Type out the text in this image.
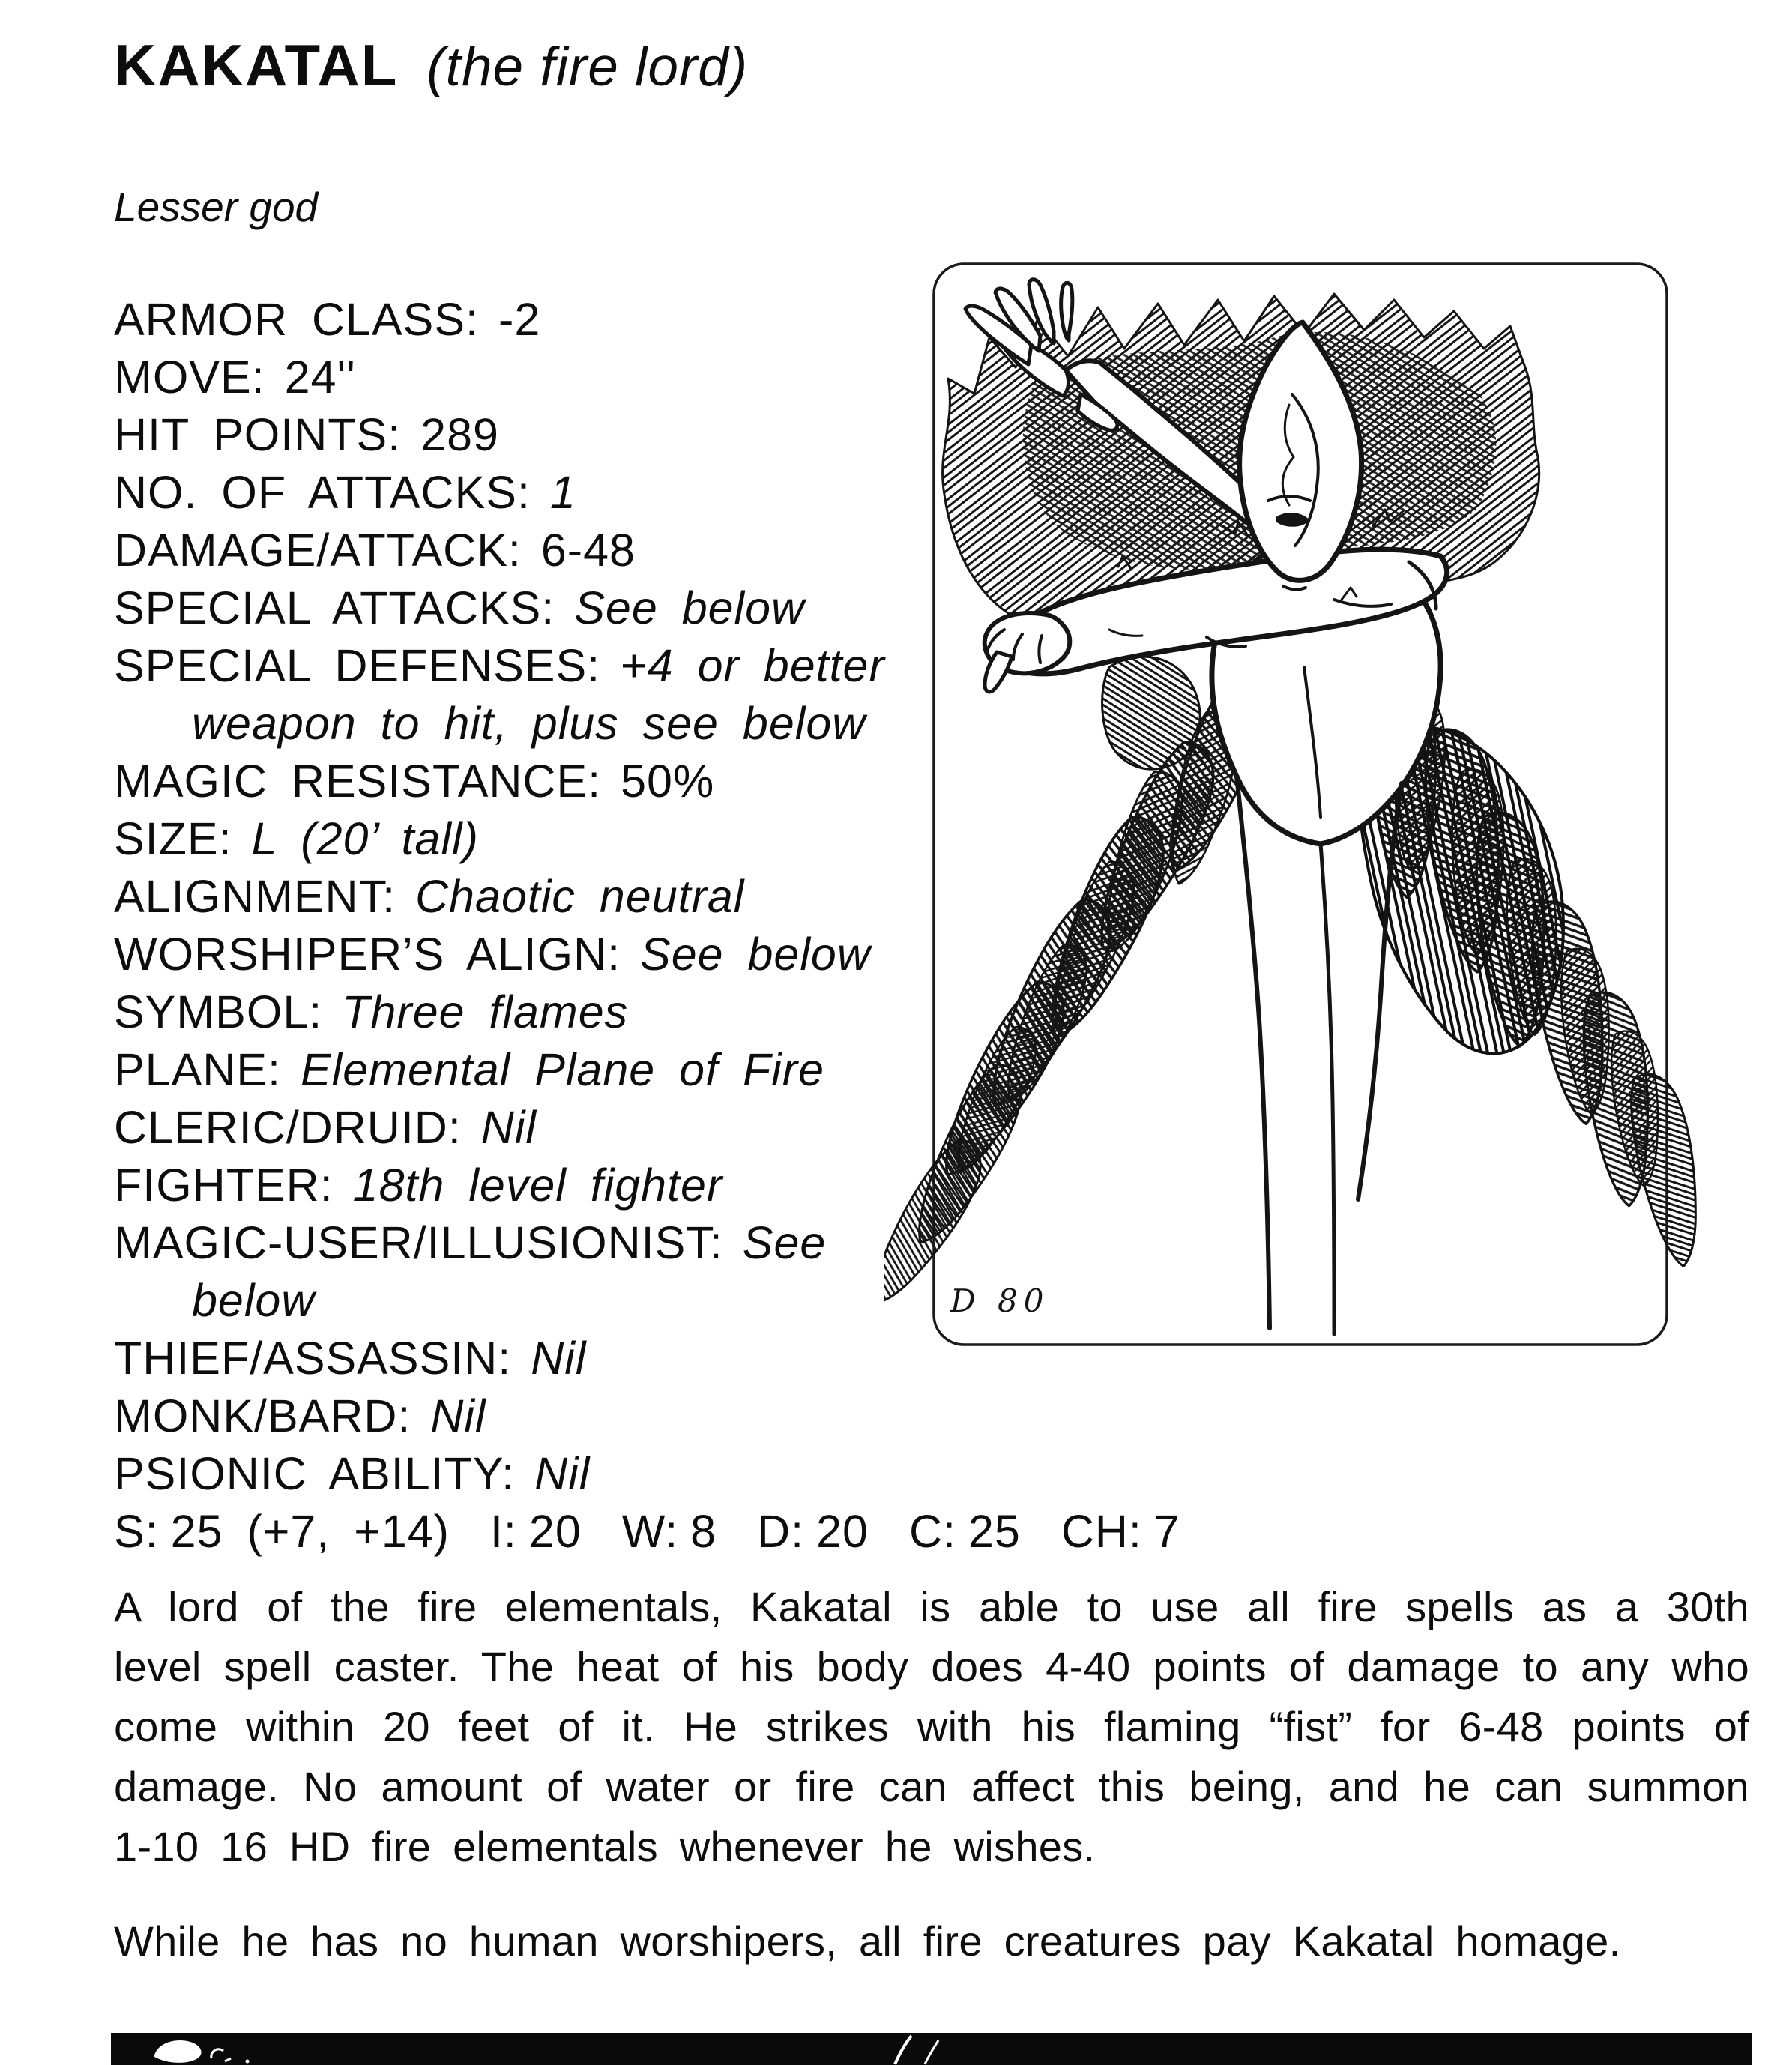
KAKATAL (the fire lord)
Lesser god
ARMOR CLASS: -2
MOVE: 24''
HIT POINTS: 289
NO. OF ATTACKS: 1
DAMAGE/ATTACK: 6-48
SPECIAL ATTACKS: See below
SPECIAL DEFENSES: +4 or better
weapon to hit, plus see below
MAGIC RESISTANCE: 50%
SIZE: L (20’ tall)
ALIGNMENT: Chaotic neutral
WORSHIPER’S ALIGN: See below
SYMBOL: Three flames
PLANE: Elemental Plane of Fire
CLERIC/DRUID: Nil
FIGHTER: 18th level fighter
MAGIC-USER/ILLUSIONIST: See
below
THIEF/ASSASSIN: Nil
MONK/BARD: Nil
PSIONIC ABILITY: Nil
S: 25 (+7, +14) I: 20 W: 8 D: 20 C: 25 CH: 7

A lord of the fire elementals, Kakatal is able to use all fire spells as a 30th level spell caster. The heat of his body does 4-40 points of damage to any who come within 20 feet of it. He strikes with his flaming “fist” for 6-48 points of damage. No amount of water or fire can affect this being, and he can summon 1-10 16 HD fire elementals whenever he wishes.

While he has no human worshipers, all fire creatures pay Kakatal homage.

D 80
